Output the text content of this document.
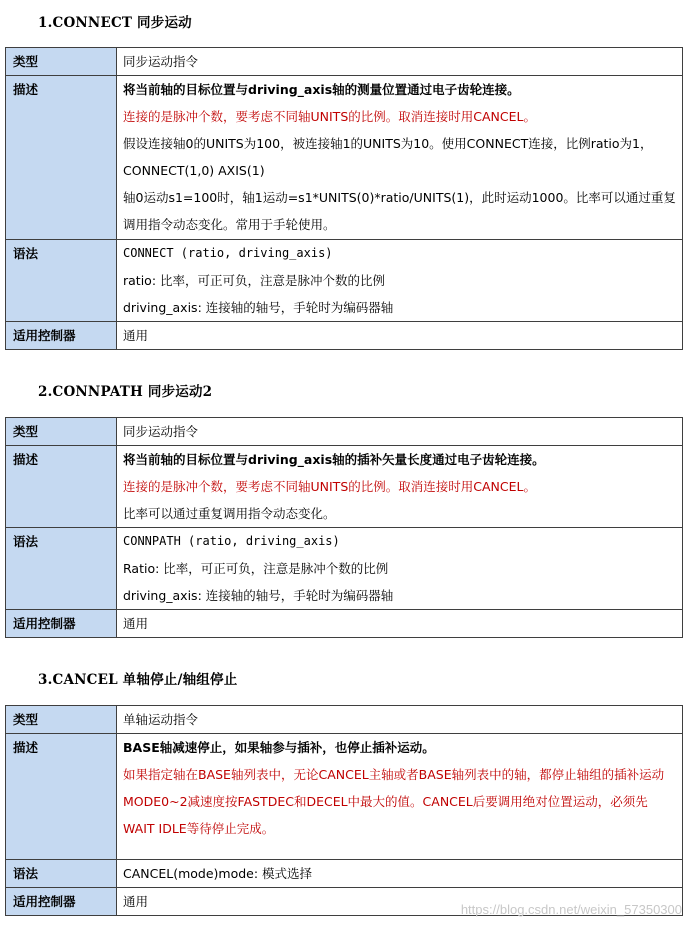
1.CONNECT 同步运动
类型	同步运动指令
描述	将当前轴的目标位置与driving_axis轴的测量位置通过电子齿轮连接。
连接的是脉冲个数，要考虑不同轴UNITS的比例。取消连接时用CANCEL。
假设连接轴0的UNITS为100，被连接轴1的UNITS为10。使用CONNECT连接，比例ratio为1，CONNECT(1,0) AXIS(1)
轴0运动s1=100时，轴1运动=s1*UNITS(0)*ratio/UNITS(1)，此时运动1000。比率可以通过重复调用指令动态变化。常用于手轮使用。

语法	CONNECT (ratio, driving_axis)
ratio: 比率，可正可负，注意是脉冲个数的比例
driving_axis: 连接轴的轴号，手轮时为编码器轴

适用控制器	通用
2.CONNPATH 同步运动2
类型	同步运动指令
描述	将当前轴的目标位置与driving_axis轴的插补矢量长度通过电子齿轮连接。
连接的是脉冲个数，要考虑不同轴UNITS的比例。取消连接时用CANCEL。
比率可以通过重复调用指令动态变化。

语法	CONNPATH (ratio, driving_axis)
Ratio: 比率，可正可负，注意是脉冲个数的比例
driving_axis: 连接轴的轴号，手轮时为编码器轴

适用控制器	通用
3.CANCEL 单轴停止/轴组停止
类型	单轴运动指令
描述	BASE轴减速停止，如果轴参与插补，也停止插补运动。
如果指定轴在BASE轴列表中，无论CANCEL主轴或者BASE轴列表中的轴，都停止轴组的插补运动MODE0~2减速度按FASTDEC和DECEL中最大的值。CANCEL后要调用绝对位置运动，必须先WAIT IDLE等待停止完成。

语法	CANCEL(mode)mode: 模式选择

适用控制器	通用
https://blog.csdn.net/weixin_57350300
